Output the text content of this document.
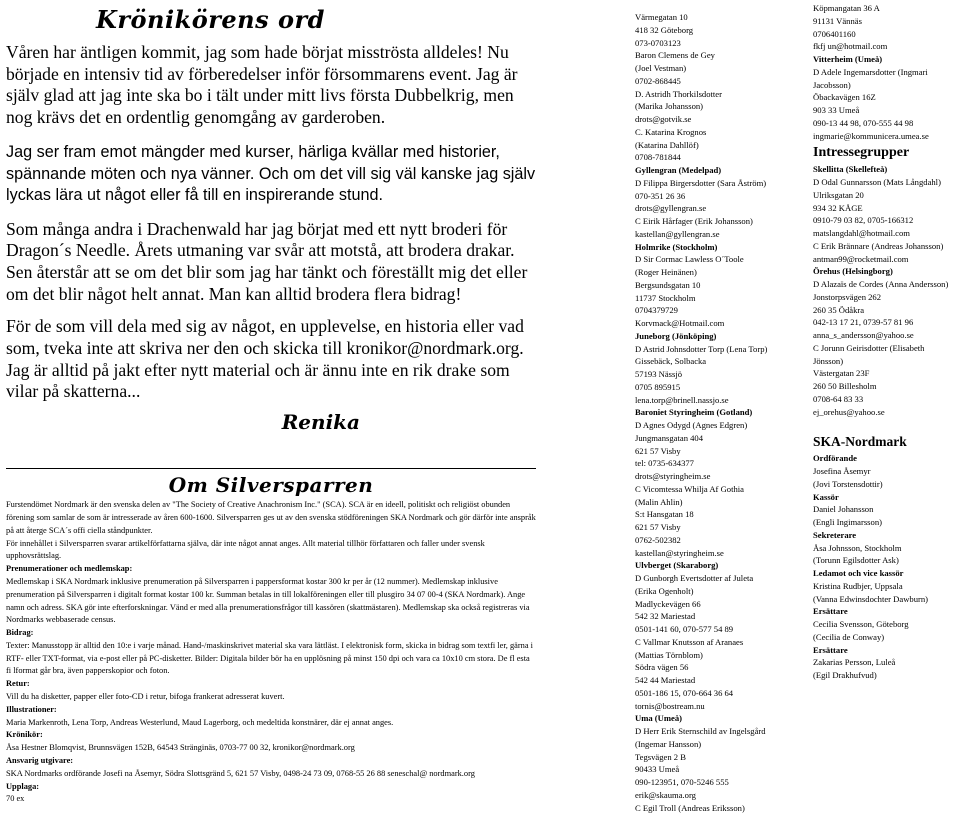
Krönikörens ord

Våren har äntligen kommit, jag som hade börjat misströsta alldeles! Nu började en intensiv tid av förberedelser inför försommarens event. Jag är själv glad att jag inte ska bo i tält under mitt livs första Dubbelkrig, men nog krävs det en ordentlig genomgång av garderoben.

Jag ser fram emot mängder med kurser, härliga kvällar med historier, spännande möten och nya vänner. Och om det vill sig väl kanske jag själv lyckas lära ut något eller få till en inspirerande stund.

Som många andra i Drachenwald har jag börjat med ett nytt broderi för Dragon´s Needle. Årets utmaning var svår att motstå, att brodera drakar. Sen återstår att se om det blir som jag har tänkt och föreställt mig det eller om det blir något helt annat. Man kan alltid brodera flera bidrag!

För de som vill dela med sig av något, en upplevelse, en historia eller vad som, tveka inte att skriva ner den och skicka till kronikor@nordmark.org. Jag är alltid på jakt efter nytt material och är ännu inte en rik drake som vilar på skatterna...

Renika
Om Silversparren

Furstendömet Nordmark är den svenska delen av "The Society of Creative Anachronism Inc." (SCA). SCA är en ideell, politiskt och religiöst obunden förening som samlar de som är intresserade av åren 600-1600. Silversparren ges ut av den svenska stödföreningen SKA Nordmark och gör därför inte anspråk på att återge SCA´s offi ciella ståndpunkter.

För innehållet i Silversparren svarar artikelförfattarna själva, där inte något annat anges. Allt material tillhör författaren och faller under svensk upphovsrättslag.

Prenumerationer och medlemskap:

Medlemskap i SKA Nordmark inklusive prenumeration på Silversparren i pappersformat kostar 300 kr per år (12 nummer). Medlemskap inklusive prenumeration på Silversparren i digitalt format kostar 100 kr. Summan betalas in till lokalföreningen eller till plusgiro 34 07 00-4 (SKA Nordmark). Ange namn och adress. SKA gör inte efterforskningar. Vänd er med alla prenumerationsfrågor till kassören (skattmästaren). Medlemskap ska också registreras via Nordmarks webbaserade census.

Bidrag:

Texter: Manusstopp är alltid den 10:e i varje månad. Hand-/maskinskrivet material ska vara lättläst. I elektronisk form, skicka in bidrag som textfi ler, gärna i RTF- eller TXT-format, via e-post eller på PC-disketter. Bilder: Digitala bilder bör ha en upplösning på minst 150 dpi och vara ca 10x10 cm stora. De fl esta fi lformat går bra, även papperskopior och foton.

Retur:

Vill du ha disketter, papper eller foto-CD i retur, bifoga frankerat adresserat kuvert.

Illustrationer:

Maria Markenroth, Lena Torp, Andreas Westerlund, Maud Lagerborg, och medeltida konstnärer, där ej annat anges.

Krönikör:

Åsa Hestner Blomqvist, Brunnsvägen 152B, 64543 Stränginäs, 0703-77 00 32, kronikor@nordmark.org

Ansvarig utgivare:

SKA Nordmarks ordförande Josefi na Åsemyr, Södra Slottsgränd 5, 621 57 Visby, 0498-24 73 09, 0768-55 26 88 seneschal@ nordmark.org

Upplaga:

70 ex

Värmegatan 10
418 32 Göteborg
073-0703123
Baron Clemens de Gey
(Joel Vestman)
0702-868445
D. Astridh Thorkilsdotter
(Marika Johansson)
drots@gotvik.se
C. Katarina Krognos
(Katarina Dahllöf)
0708-781844
Gyllengran (Medelpad)
D Filippa Birgersdotter (Sara Åström)
070-351 26 36
drots@gyllengran.se
C Eirik Hårfager (Erik Johansson)
kastellan@gyllengran.se
Holmrike (Stockholm)
D Sir Cormac Lawless O´Toole
(Roger Heinänen)
Bergsundsgatan 10
11737 Stockholm
0704379729
Korvmack@Hotmail.com
Juneborg (Jönköping)
D Astrid Johnsdotter Torp (Lena Torp)
Gissebäck, Solbacka
57193 Nässjö
0705 895915
lena.torp@brinell.nassjo.se
Baroniet Styringheim (Gotland)
D Agnes Odygd (Agnes Edgren)
Jungmansgatan 404
621 57 Visby
tel: 0735-634377
drots@styringheim.se
C Vicomtessa Whilja Af Gothia
(Malin Ahlin)
S:t Hansgatan 18
621 57 Visby
0762-502382
kastellan@styringheim.se
Ulvberget (Skaraborg)
D Gunborgh Evertsdotter af Juleta
(Erika Ogenholt)
Madlyckevägen 66
542 32 Mariestad
0501-141 60, 070-577 54 89
C Vallmar Knutsson af Aranaes
(Mattias Törnblom)
Södra vägen 56
542 44 Mariestad
0501-186 15, 070-664 36 64
tornis@bostream.nu
Uma (Umeå)
D Herr Erik Sternschild av Ingelsgård
(Ingemar Hansson)
Tegsvägen 2 B
90433 Umeå
090-123951, 070-5246 555
erik@skauma.org
C Egil Troll (Andreas Eriksson)
Köpmangatan 36 A
91131 Vännäs
0706401160
fkfj un@hotmail.com
Vitterheim (Umeå)
D Adele Ingemarsdotter (Ingmari
Jacobsson)
Öbackavägen 16Z
903 33 Umeå
090-13 44 98, 070-555 44 98
ingmarie@kommunicera.umea.se
Intressegrupper
Skellitta (Skellefteå)
D Odal Gunnarsson (Mats Långdahl)
Ulriksgatan 20
934 32 KÅGE
0910-79 03 82, 0705-166312
matslangdahl@hotmail.com
C Erik Brännare (Andreas Johansson)
antman99@rocketmail.com
Örehus (Helsingborg)
D Alazaïs de Cordes (Anna Andersson)
Jonstorpsvägen 262
260 35 Ödåkra
042-13 17 21, 0739-57 81 96
anna_s_andersson@yahoo.se
C Jorunn Geirisdotter (Elisabeth
Jönsson)
Västergatan 23F
260 50 Billesholm
0708-64 83 33
ej_orehus@yahoo.se
SKA-Nordmark
Ordförande
Josefina Åsemyr
(Jovi Torstensdottir)
Kassör
Daniel Johansson
(Engli Ingimarsson)
Sekreterare
Åsa Johnsson, Stockholm
(Torunn Egilsdotter Ask)
Ledamot och vice kassör
Kristina Rudbjer, Uppsala
(Vanna Edwinsdochter Dawburn)
Ersättare
Cecilia Svensson, Göteborg
(Cecilia de Conway)
Ersättare
Zakarias Persson, Luleå
(Egil Drakhufvud)
